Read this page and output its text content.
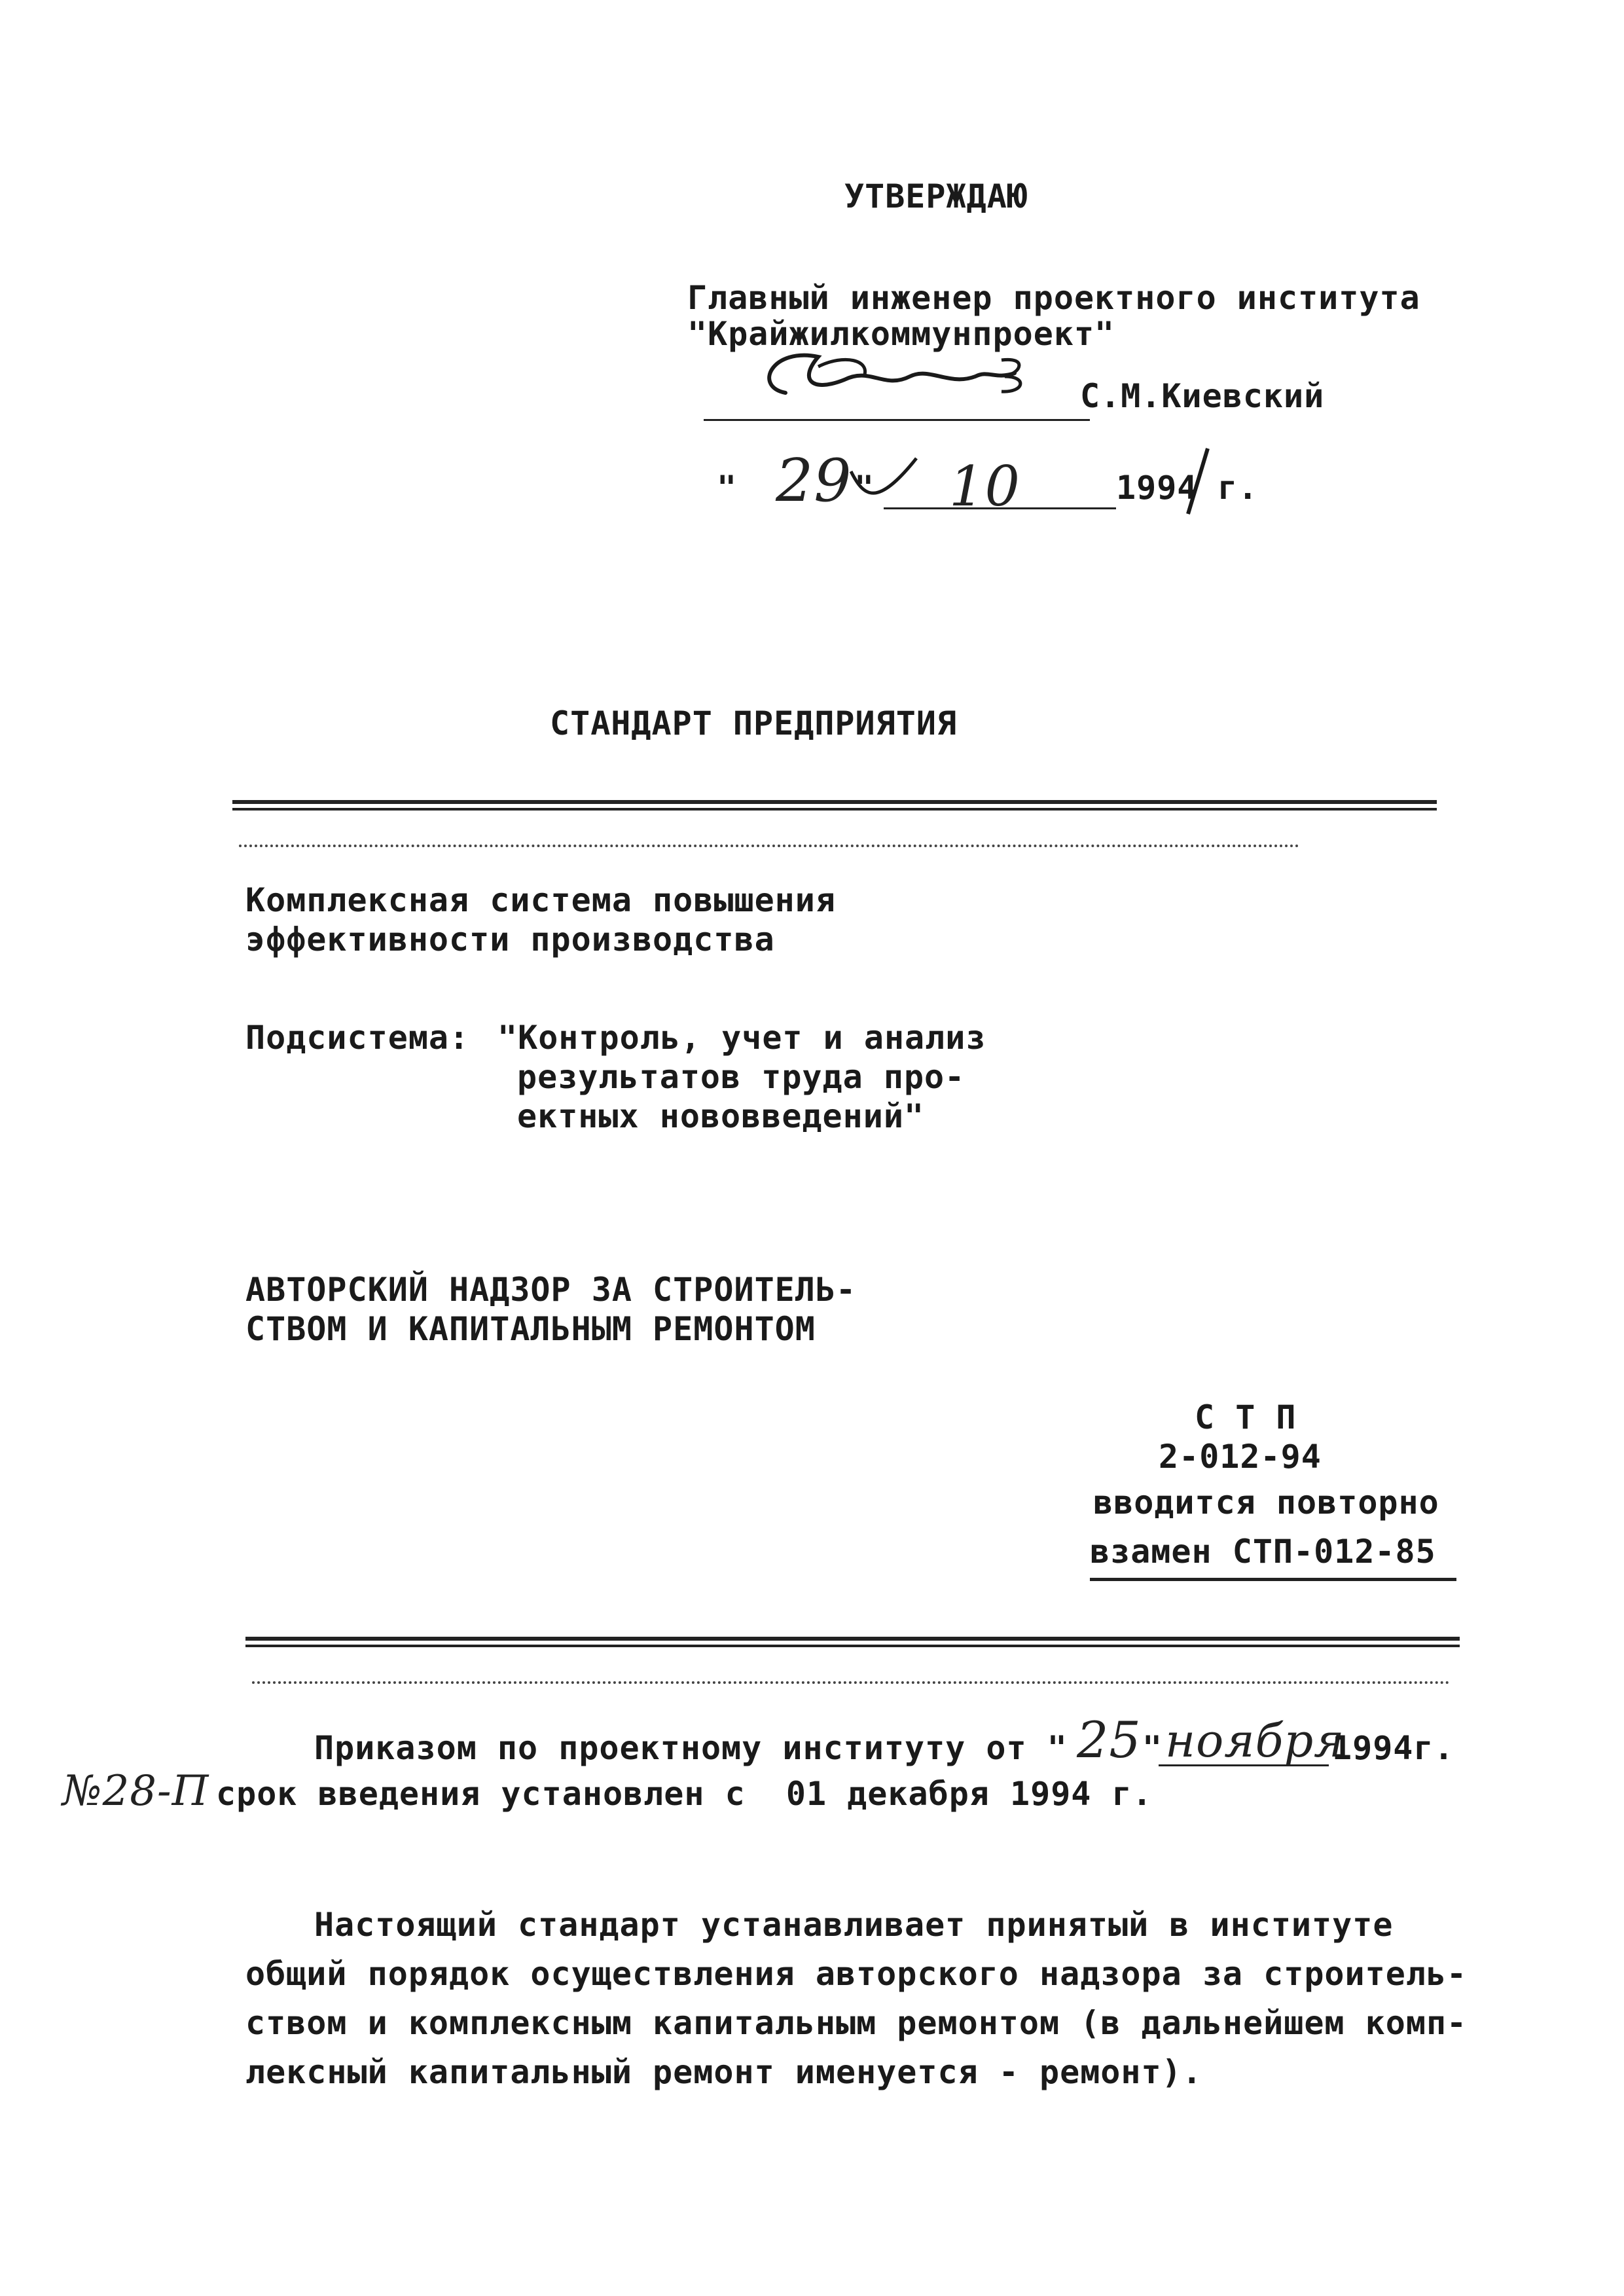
УТВЕРЖДАЮ
Главный инженер проектного института
"Крайжилкоммунпроект"
С.М.Киевский
" 29 " 10	1994 г.
СТАНДАРТ ПРЕДПРИЯТИЯ
Комплексная система повышения
эффективности производства
Подсистема: "Контроль, учет и анализ
результатов труда про-
ектных нововведений"
АВТОРСКИЙ НАДЗОР ЗА СТРОИТЕЛЬ-
СТВОМ И КАПИТАЛЬНЫМ РЕМОНТОМ
С Т П
2-012-94
вводится повторно
взамен СТП-012-85
Приказом по проектному институту от " 25 " ноября
1994г.
№28-П срок введения установлен с  01 декабря 1994 г.
Настоящий стандарт устанавливает принятый в институте
общий порядок осуществления авторского надзора за строитель-
ством и комплексным капитальным ремонтом (в дальнейшем комп-
лексный капитальный ремонт именуется - ремонт).
